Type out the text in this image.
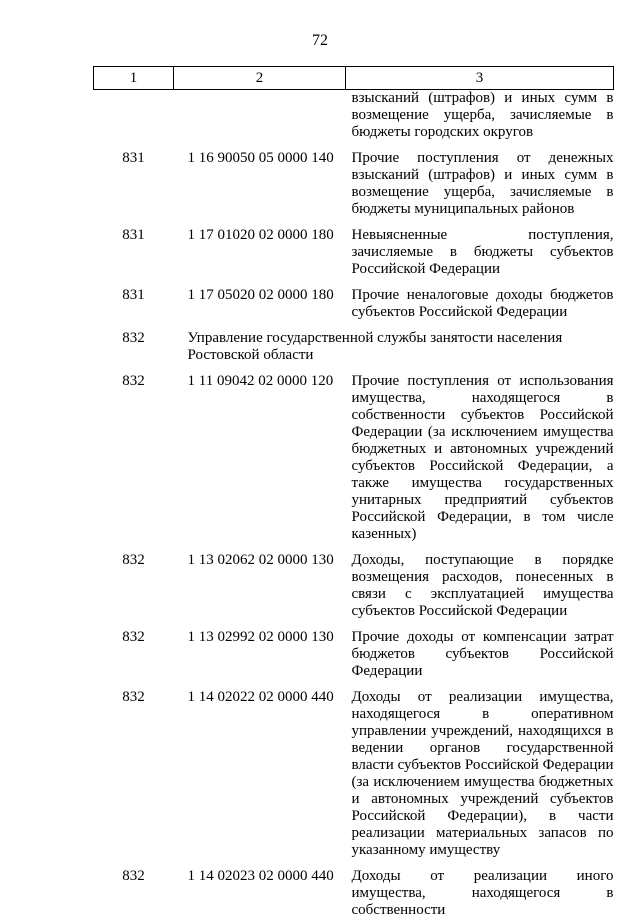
72
1	2	3
		взысканий (штрафов) и иных сумм в возмещение ущерба, зачисляемые в бюджеты городских округов
831	1 16 90050 05 0000 140	Прочие поступления от денежных взысканий (штрафов) и иных сумм в возмещение ущерба, зачисляемые в бюджеты муниципальных районов
831	1 17 01020 02 0000 180	Невыясненные поступления, зачисляемые в бюджеты субъектов Российской Федерации
831	1 17 05020 02 0000 180	Прочие неналоговые доходы бюджетов субъектов Российской Федерации
832	Управление государственной службы занятости населения Ростовской области	
832	1 11 09042 02 0000 120	Прочие поступления от использования имущества, находящегося в собственности субъектов Российской Федерации (за исключением имущества бюджетных и автономных учреждений субъектов Российской Федерации, а также имущества государственных унитарных предприятий субъектов Российской Федерации, в том числе казенных)
832	1 13 02062 02 0000 130	Доходы, поступающие в порядке возмещения расходов, понесенных в связи с эксплуатацией имущества субъектов Российской Федерации
832	1 13 02992 02 0000 130	Прочие доходы от компенсации затрат бюджетов субъектов Российской Федерации
832	1 14 02022 02 0000 440	Доходы от реализации имущества, находящегося в оперативном управлении учреждений, находящихся в ведении органов государственной власти субъектов Российской Федерации (за исключением имущества бюджетных и автономных учреждений субъектов Российской Федерации), в части реализации материальных запасов по указанному имуществу
832	1 14 02023 02 0000 440	Доходы от реализации иного имущества, находящегося в собственности
